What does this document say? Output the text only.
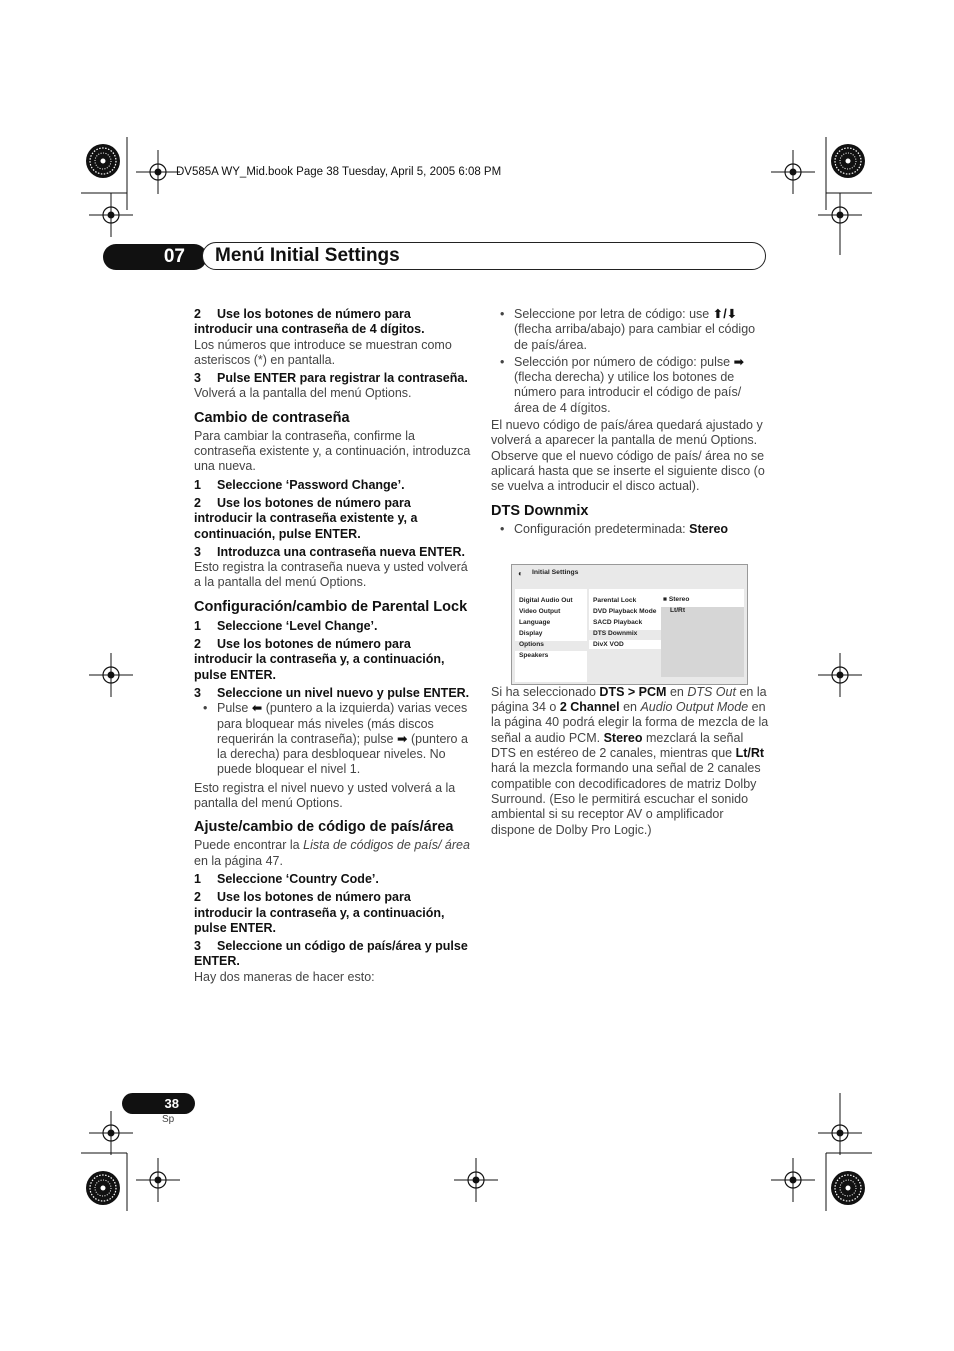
DV585A WY_Mid.book Page 38 Tuesday, April 5, 2005 6:08 PM
07	Menú Initial Settings
2 Use los botones de número para introducir una contraseña de 4 dígitos.

Los números que introduce se muestran como asteriscos (*) en pantalla.

3 Pulse ENTER para registrar la contraseña.

Volverá a la pantalla del menú Options.

Cambio de contraseña

Para cambiar la contraseña, confirme la contraseña existente y, a continuación, introduzca una nueva.

1 Seleccione ‘Password Change’.
2 Use los botones de número para introducir la contraseña existente y, a continuación, pulse ENTER.
3 Introduzca una contraseña nueva ENTER.

Esto registra la contraseña nueva y usted volverá a la pantalla del menú Options.

Configuración/cambio de Parental Lock
1 Seleccione ‘Level Change’.
2 Use los botones de número para introducir la contraseña y, a continuación, pulse ENTER.
3 Seleccione un nivel nuevo y pulse ENTER.
• Pulse ⬅ (puntero a la izquierda) varias veces para bloquear más niveles (más discos requerirán la contraseña); pulse ➡ (puntero a la derecha) para desbloquear niveles. No puede bloquear el nivel 1.

Esto registra el nivel nuevo y usted volverá a la pantalla del menú Options.

Ajuste/cambio de código de país/área

Puede encontrar la Lista de códigos de país/ área en la página 47.

1 Seleccione ‘Country Code’.
2 Use los botones de número para introducir la contraseña y, a continuación, pulse ENTER.
3 Seleccione un código de país/área y pulse ENTER.

Hay dos maneras de hacer esto:

• Seleccione por letra de código: use ⬆/⬇ (flecha arriba/abajo) para cambiar el código de país/área.
• Selección por número de código: pulse ➡ (flecha derecha) y utilice los botones de número para introducir el código de país/ área de 4 dígitos.

El nuevo código de país/área quedará ajustado y volverá a aparecer la pantalla de menú Options. Observe que el nuevo código de país/ área no se aplicará hasta que se inserte el siguiente disco (o se vuelva a introducir el disco actual).

DTS Downmix
• Configuración predeterminada: Stereo

Si ha seleccionado DTS > PCM en DTS Out en la página 34 o 2 Channel en Audio Output Mode en la página 40 podrá elegir la forma de mezcla de la señal a audio PCM. Stereo mezclará la señal DTS en estéreo de 2 canales, mientras que Lt/Rt hará la mezcla formando una señal de 2 canales compatible con decodificadores de matriz Dolby Surround. (Eso le permitirá escuchar el sonido ambiental si su receptor AV o amplificador dispone de Dolby Pro Logic.)

◐ Initial Settings
Digital Audio Out
Video Output
Language
Display
Options
Speakers
Parental Lock
DVD Playback Mode
SACD Playback
DTS Downmix
DivX VOD
■ Stereo
Lt/Rt
38
Sp
